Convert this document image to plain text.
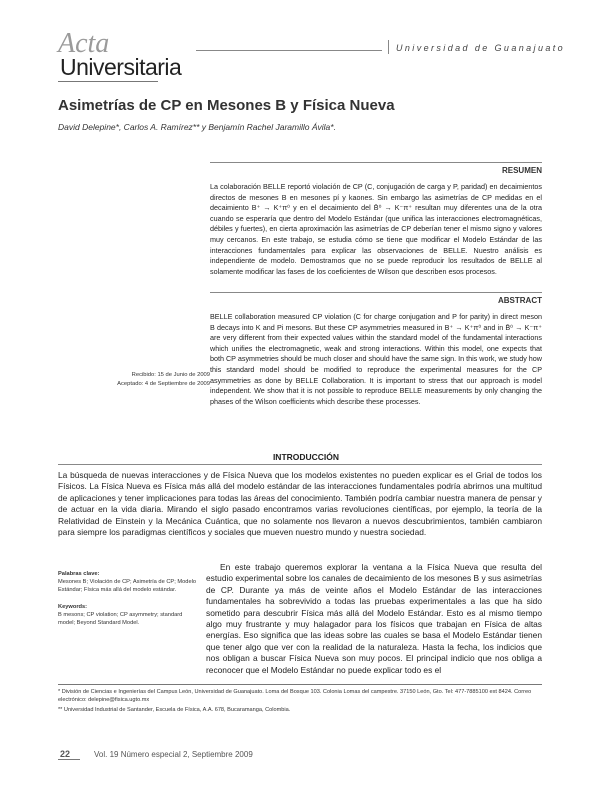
Acta
Universitaria
Universidad de Guanajuato
Asimetrías de CP en Mesones B y Física Nueva
David Delepine*, Carlos A. Ramírez** y Benjamín Rachel Jaramillo Ávila*.
RESUMEN
La colaboración BELLE reportó violación de CP (C, conjugación de carga y P, paridad) en decaimientos directos de mesones B en mesones pí y kaones. Sin embargo las asimetrías de CP medidas en el decaimiento B⁺ → K⁺π⁰ y en el decaimiento del B̄⁰ → K⁻π⁺ resultan muy diferentes una de la otra cuando se esperaría que dentro del Modelo Estándar (que unifica las interacciones electromagnéticas, débiles y fuertes), en cierta aproximación las asimetrías de CP deberían tener el mismo signo y valores muy cercanos. En este trabajo, se estudia cómo se tiene que modificar el Modelo Estándar de las interacciones fundamentales para explicar las observaciones de BELLE. Nuestro análisis es independiente de modelo. Demostramos que no se puede reproducir los resultados de BELLE al solamente modificar las fases de los coeficientes de Wilson que describen esos procesos.
ABSTRACT
BELLE collaboration measured CP violation (C for charge conjugation and P for parity) in direct meson B decays into K and Pi mesons. But these CP asymmetries measured in B⁺ → K⁺π⁰ and in B̄⁰ → K⁻π⁺ are very different from their expected values within the standard model of the fundamental interactions which unifies the electromagnetic, weak and strong interactions. Within this model, one expects that both CP asymmetries should be much closer and should have the same sign. In this work, we study how this standard model should be modified to reproduce the experimental measures for the CP asymmetries as done by BELLE Collaboration. It is important to stress that our approach is model independent. We show that it is not possible to reproduce BELLE measurements by only changing the phases of the Wilson coefficients which describe these processes.
Recibido: 15 de Junio de 2009
Aceptado: 4 de Septiembre de 2009
INTRODUCCIÓN
La búsqueda de nuevas interacciones y de Física Nueva que los modelos existentes no pueden explicar es el Grial de todos los Físicos. La Física Nueva es Física más allá del modelo estándar de las interacciones fundamentales podría abrirnos una multitud de aplicaciones y tener implicaciones para todas las áreas del conocimiento. También podría cambiar nuestra manera de pensar y de actuar en la vida diaria. Mirando el siglo pasado encontramos varias revoluciones científicas, por ejemplo, la teoría de la Relatividad de Einstein y la Mecánica Cuántica, que no solamente nos llevaron a nuevos descubrimientos, también cambiaron para siempre los paradigmas científicos y sociales que mueven nuestro mundo y nuestra sociedad.
En este trabajo queremos explorar la ventana a la Física Nueva que resulta del estudio experimental sobre los canales de decaimiento de los mesones B y sus asimetrías de CP. Durante ya más de veinte años el Modelo Estándar de las interacciones fundamentales ha sobrevivido a todas las pruebas experimentales a las que ha sido sometido para descubrir Física más allá del Modelo Estándar. Esto es al mismo tiempo algo muy frustrante y muy halagador para los físicos que trabajan en Física de altas energías. Eso significa que las ideas sobre las cuales se basa el Modelo Estándar tienen que tener algo que ver con la realidad de la naturaleza. Hasta la fecha, los indicios que nos obligan a buscar Física Nueva son muy pocos. El principal indicio que nos obliga a reconocer que el Modelo Estándar no puede explicar todo es el
Palabras clave:
Mesones B; Violación de CP; Asimetría de CP; Modelo Estándar; Física más allá del modelo estándar.
Keywords:
B mesons; CP violation; CP asymmetry; standard model; Beyond Standard Model.
* División de Ciencias e Ingenierías del Campus León, Universidad de Guanajuato. Loma del Bosque 103. Colonia Lomas del campestre. 37150 León, Gto. Tel: 477-7885100 ext 8424. Correo electrónico: delepine@fisica.ugto.mx
** Universidad Industrial de Santander, Escuela de Física, A.A. 678, Bucaramanga, Colombia.
22	Vol. 19 Número especial 2, Septiembre 2009
